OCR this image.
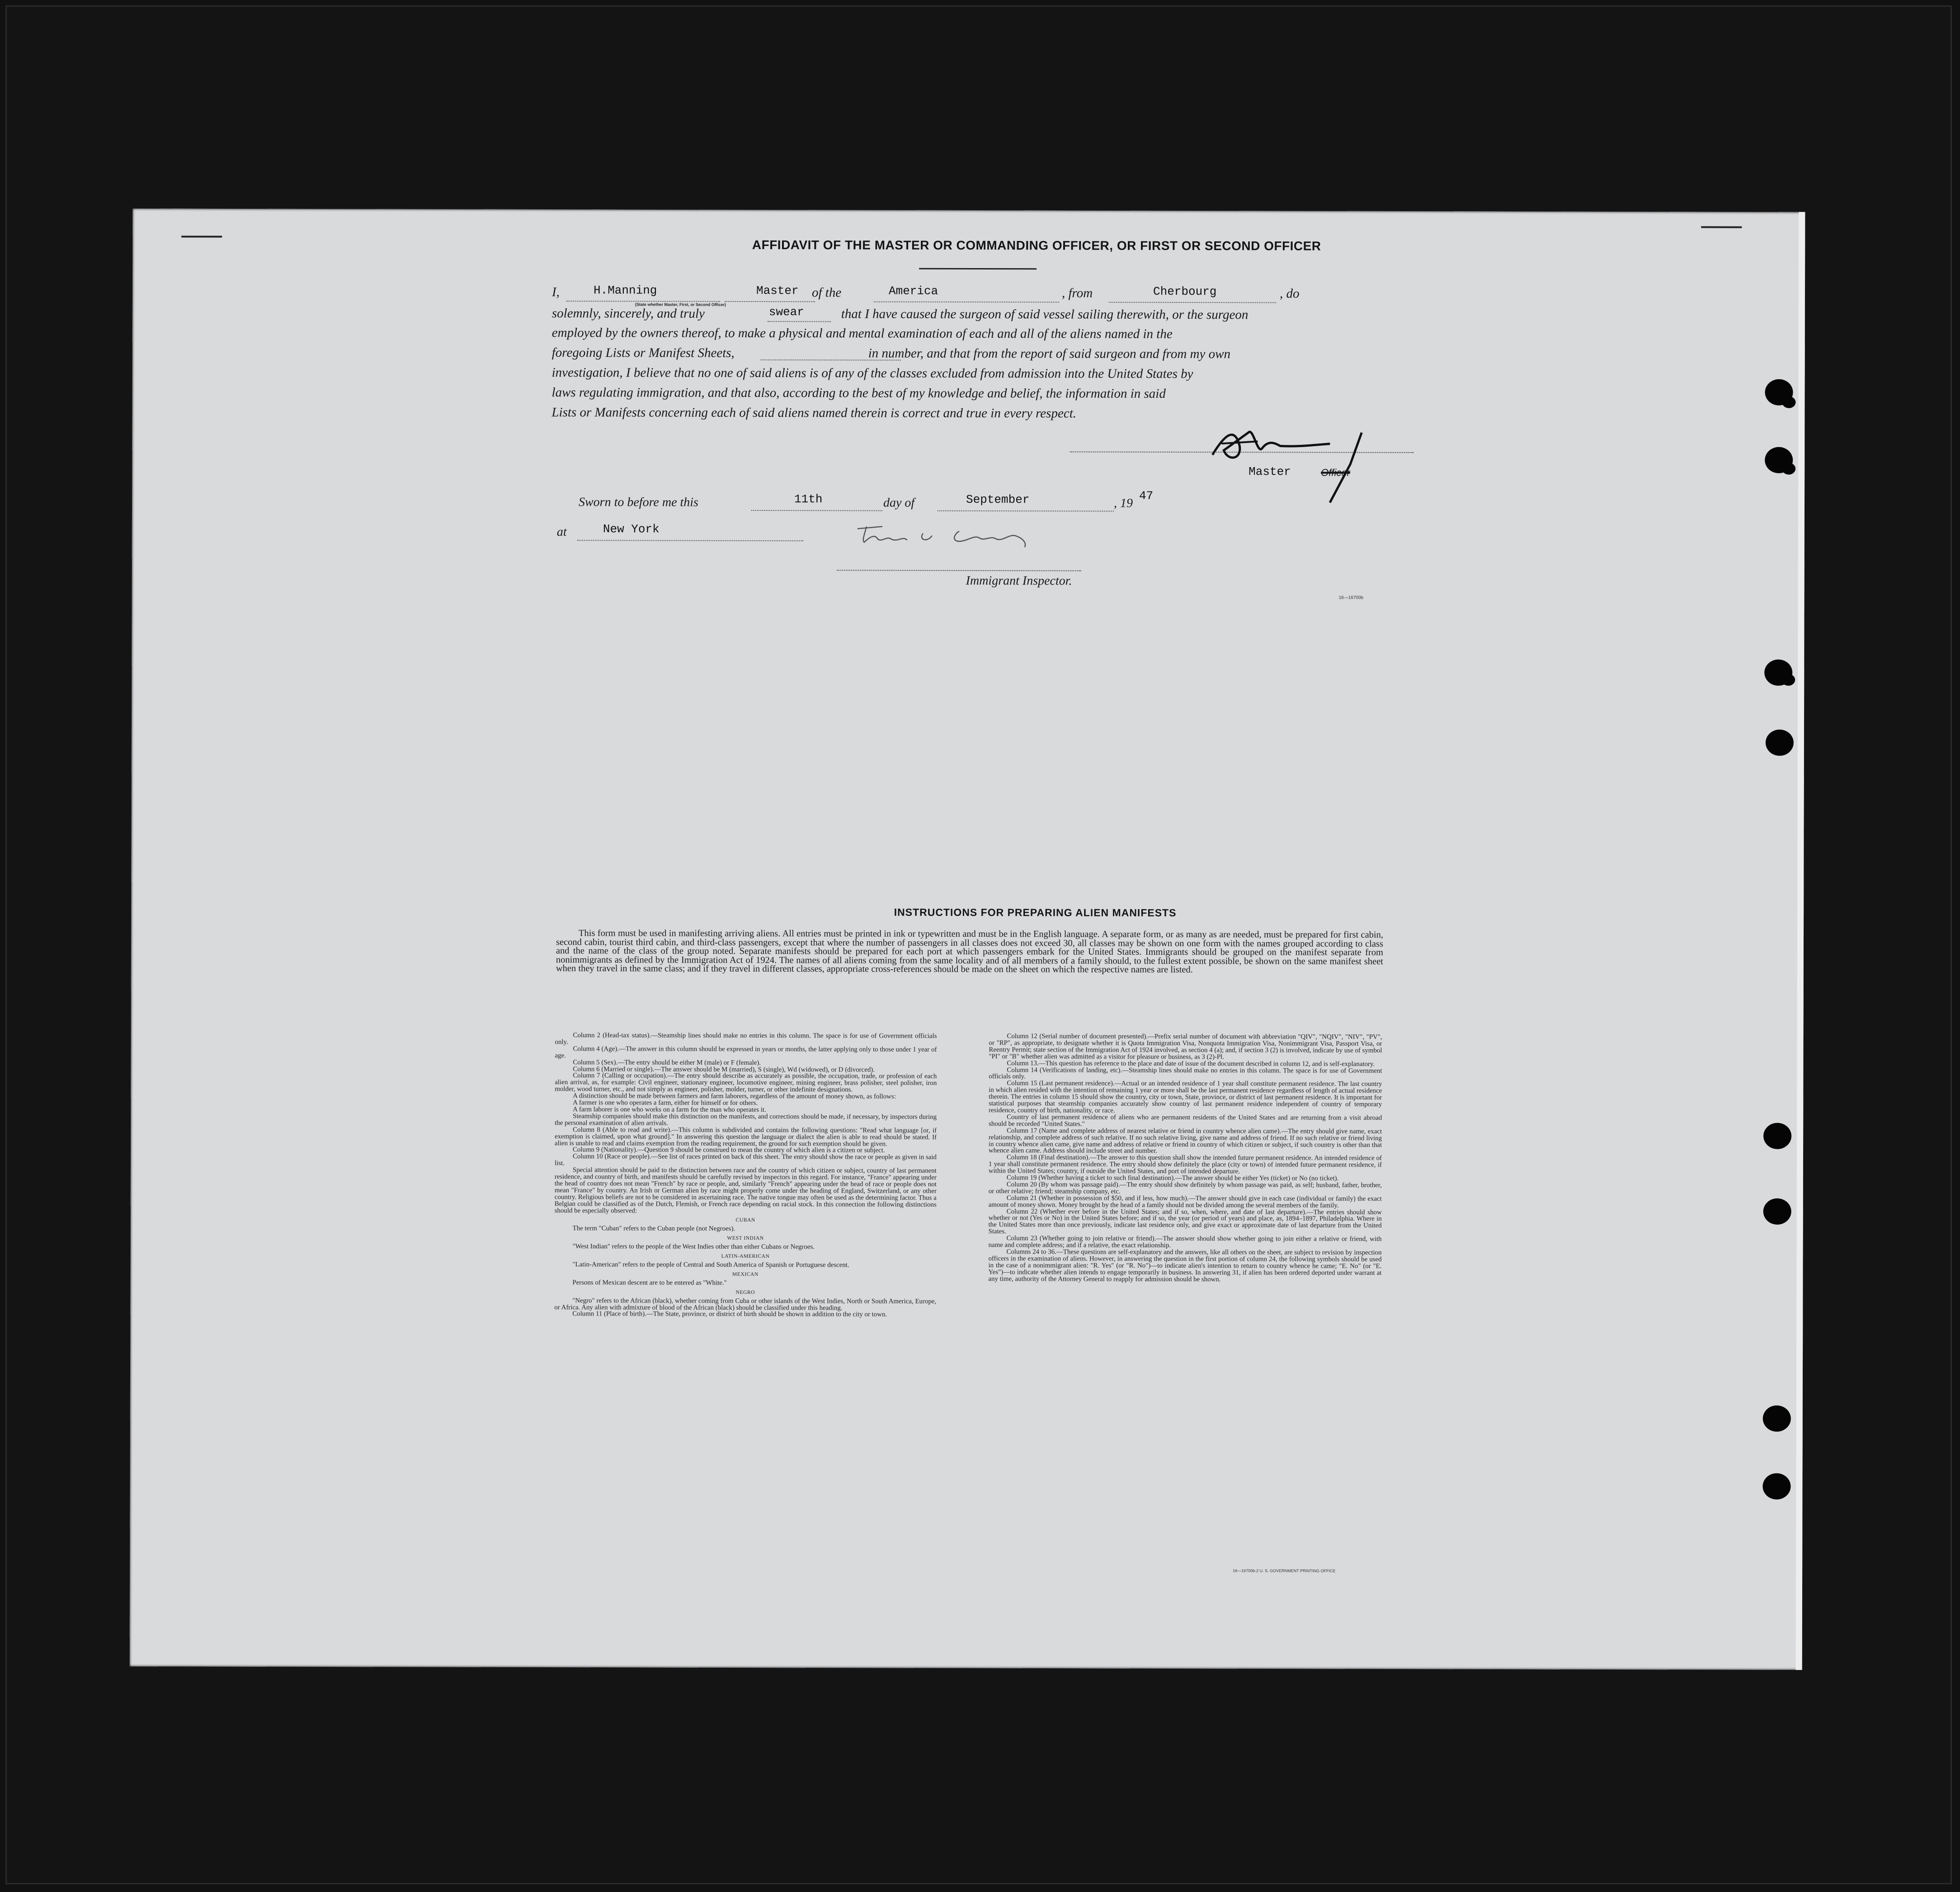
AFFIDAVIT OF THE MASTER OR COMMANDING OFFICER, OR FIRST OR SECOND OFFICER
I,	H.Manning	Master of the	America	, from	Cherbourg	, do
(State whether Master, First, or Second Officer)
solemnly, sincerely, and truly	swear	that I have caused the surgeon of said vessel sailing therewith, or the surgeon
employed by the owners thereof, to make a physical and mental examination of each and all of the aliens named in the
foregoing Lists or Manifest Sheets,	in number, and that from the report of said surgeon and from my own
investigation, I believe that no one of said aliens is of any of the classes excluded from admission into the United States by
laws regulating immigration, and that also, according to the best of my knowledge and belief, the information in said
Lists or Manifests concerning each of said aliens named therein is correct and true in every respect.
Master	Officer
Sworn to before me this	11th	day of	September	, 19
47
at	New York
Immigrant Inspector.
16—16700b
INSTRUCTIONS FOR PREPARING ALIEN MANIFESTS

This form must be used in manifesting arriving aliens. All entries must be printed in ink or typewritten and must be in the English language. A separate form, or as many as are needed, must be prepared for first cabin, second cabin, tourist third cabin, and third-class passengers, except that where the number of passengers in all classes does not exceed 30, all classes may be shown on one form with the names grouped according to class and the name of the class of the group noted. Separate manifests should be prepared for each port at which passengers embark for the United States. Immigrants should be grouped on the manifest separate from nonimmigrants as defined by the Immigration Act of 1924. The names of all aliens coming from the same locality and of all members of a family should, to the fullest extent possible, be shown on the same manifest sheet when they travel in the same class; and if they travel in different classes, appropriate cross-references should be made on the sheet on which the respective names are listed.

Column 2 (Head-tax status).—Steamship lines should make no entries in this column. The space is for use of Government officials only.

Column 4 (Age).—The answer in this column should be expressed in years or months, the latter applying only to those under 1 year of age.

Column 5 (Sex).—The entry should be either M (male) or F (female).

Column 6 (Married or single).—The answer should be M (married), S (single), Wd (widowed), or D (divorced).

Column 7 (Calling or occupation).—The entry should describe as accurately as possible, the occupation, trade, or profession of each alien arrival, as, for example: Civil engineer, stationary engineer, locomotive engineer, mining engineer, brass polisher, steel polisher, iron molder, wood turner, etc., and not simply as engineer, polisher, molder, turner, or other indefinite designations.

A distinction should be made between farmers and farm laborers, regardless of the amount of money shown, as follows:

A farmer is one who operates a farm, either for himself or for others.

A farm laborer is one who works on a farm for the man who operates it.

Steamship companies should make this distinction on the manifests, and corrections should be made, if necessary, by inspectors during the personal examination of alien arrivals.

Column 8 (Able to read and write).—This column is subdivided and contains the following questions: "Read what language [or, if exemption is claimed, upon what ground]." In answering this question the language or dialect the alien is able to read should be stated. If alien is unable to read and claims exemption from the reading requirement, the ground for such exemption should be given.

Column 9 (Nationality).—Question 9 should be construed to mean the country of which alien is a citizen or subject.

Column 10 (Race or people).—See list of races printed on back of this sheet. The entry should show the race or people as given in said list.

Special attention should be paid to the distinction between race and the country of which citizen or subject, country of last permanent residence, and country of birth, and manifests should be carefully revised by inspectors in this regard. For instance, "France" appearing under the head of country does not mean "French" by race or people, and, similarly "French" appearing under the head of race or people does not mean "France" by country. An Irish or German alien by race might properly come under the heading of England, Switzerland, or any other country. Religious beliefs are not to be considered in ascertaining race. The native tongue may often be used as the determining factor. Thus a Belgian could be classified as of the Dutch, Flemish, or French race depending on racial stock. In this connection the following distinctions should be especially observed:

CUBAN

The term "Cuban" refers to the Cuban people (not Negroes).

WEST INDIAN

"West Indian" refers to the people of the West Indies other than either Cubans or Negroes.

LATIN-AMERICAN

"Latin-American" refers to the people of Central and South America of Spanish or Portuguese descent.

MEXICAN

Persons of Mexican descent are to be entered as "White."

NEGRO

"Negro" refers to the African (black), whether coming from Cuba or other islands of the West Indies, North or South America, Europe, or Africa. Any alien with admixture of blood of the African (black) should be classified under this heading.

Column 11 (Place of birth).—The State, province, or district of birth should be shown in addition to the city or town.

Column 12 (Serial number of document presented).—Prefix serial number of document with abbreviation "QIV", "NQIV", "NIV", "PV", or "RP", as appropriate, to designate whether it is Quota Immigration Visa, Nonquota Immigration Visa, Nonimmigrant Visa, Passport Visa, or Reentry Permit; state section of the Immigration Act of 1924 involved, as section 4 (a); and, if section 3 (2) is involved, indicate by use of symbol "PI" or "B" whether alien was admitted as a visitor for pleasure or business, as 3 (2)-Pl.

Column 13.—This question has reference to the place and date of issue of the document described in column 12, and is self-explanatory.

Column 14 (Verifications of landing, etc).—Steamship lines should make no entries in this column. The space is for use of Government officials only.

Column 15 (Last permanent residence).—Actual or an intended residence of 1 year shall constitute permanent residence. The last country in which alien resided with the intention of remaining 1 year or more shall be the last permanent residence regardless of length of actual residence therein. The entries in column 15 should show the country, city or town, State, province, or district of last permanent residence. It is important for statistical purposes that steamship companies accurately show country of last permanent residence independent of country of temporary residence, country of birth, nationality, or race.

Country of last permanent residence of aliens who are permanent residents of the United States and are returning from a visit abroad should be recorded "United States."

Column 17 (Name and complete address of nearest relative or friend in country whence alien came).—The entry should give name, exact relationship, and complete address of such relative. If no such relative living, give name and address of friend. If no such relative or friend living in country whence alien came, give name and address of relative or friend in country of which citizen or subject, if such country is other than that whence alien came. Address should include street and number.

Column 18 (Final destination).—The answer to this question shall show the intended future permanent residence. An intended residence of 1 year shall constitute permanent residence. The entry should show definitely the place (city or town) of intended future permanent residence, if within the United States; country, if outside the United States, and port of intended departure.

Column 19 (Whether having a ticket to such final destination).—The answer should be either Yes (ticket) or No (no ticket).

Column 20 (By whom was passage paid).—The entry should show definitely by whom passage was paid, as self; husband, father, brother, or other relative; friend; steamship company, etc.

Column 21 (Whether in possession of $50, and if less, how much).—The answer should give in each case (individual or family) the exact amount of money shown. Money brought by the head of a family should not be divided among the several members of the family.

Column 22 (Whether ever before in the United States; and if so, when, where, and date of last departure).—The entries should show whether or not (Yes or No) in the United States before; and if so, the year (or period of years) and place, as, 1894–1897, Philadelphia. Where in the United States more than once previously, indicate last residence only, and give exact or approximate date of last departure from the United States.

Column 23 (Whether going to join relative or friend).—The answer should show whether going to join either a relative or friend, with name and complete address; and if a relative, the exact relationship.

Columns 24 to 36.—These questions are self-explanatory and the answers, like all others on the sheet, are subject to revision by inspection officers in the examination of aliens. However, in answering the question in the first portion of column 24, the following symbols should be used in the case of a nonimmigrant alien: "R. Yes" (or "R. No")—to indicate alien's intention to return to country whence he came; "E. No" (or "E. Yes")—to indicate whether alien intends to engage temporarily in business. In answering 31, if alien has been ordered deported under warrant at any time, authority of the Attorney General to reapply for admission should be shown.

16—16700b-2 U. S. GOVERNMENT PRINTING OFFICE
